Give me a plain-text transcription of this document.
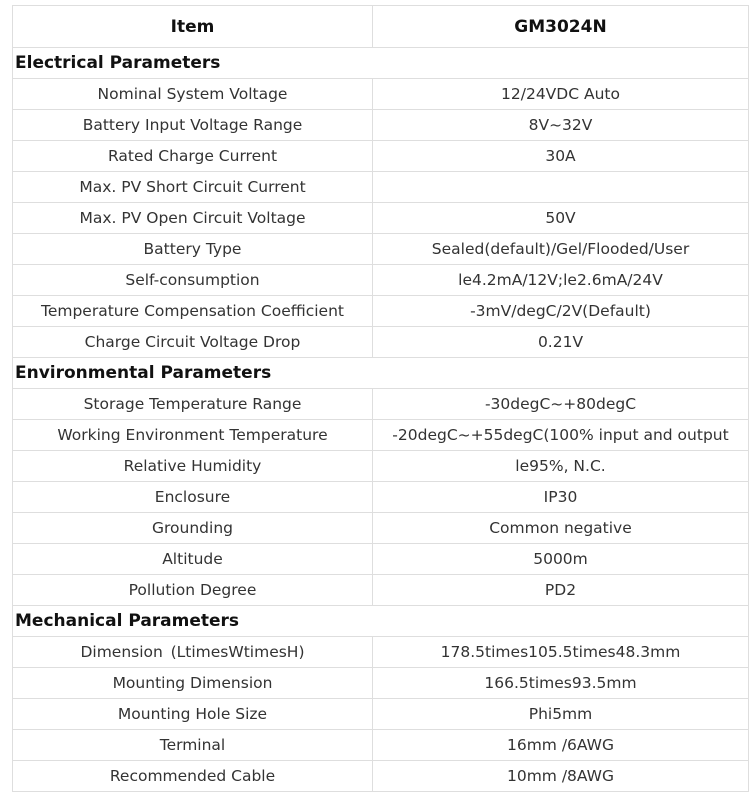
Item	GM3024N
Electrical Parameters	
Nominal System Voltage	12/24VDC Auto
Battery Input Voltage Range	8V~32V
Rated Charge Current	30A
Max. PV Short Circuit Current	
Max. PV Open Circuit Voltage	50V
Battery Type	Sealed(default)/Gel/Flooded/User
Self-consumption	le4.2mA/12V;le2.6mA/24V
Temperature Compensation Coefficient	-3mV/degC/2V(Default)
Charge Circuit Voltage Drop	0.21V
Environmental Parameters	
Storage Temperature Range	-30degC~+80degC
Working Environment Temperature	-20degC~+55degC(100% input and output
Relative Humidity	le95%, N.C.
Enclosure	IP30
Grounding	Common negative
Altitude	5000m
Pollution Degree	PD2
Mechanical Parameters	
Dimension (LtimesWtimesH)	178.5times105.5times48.3mm
Mounting Dimension	166.5times93.5mm
Mounting Hole Size	Phi5mm
Terminal	16mm /6AWG
Recommended Cable	10mm /8AWG
